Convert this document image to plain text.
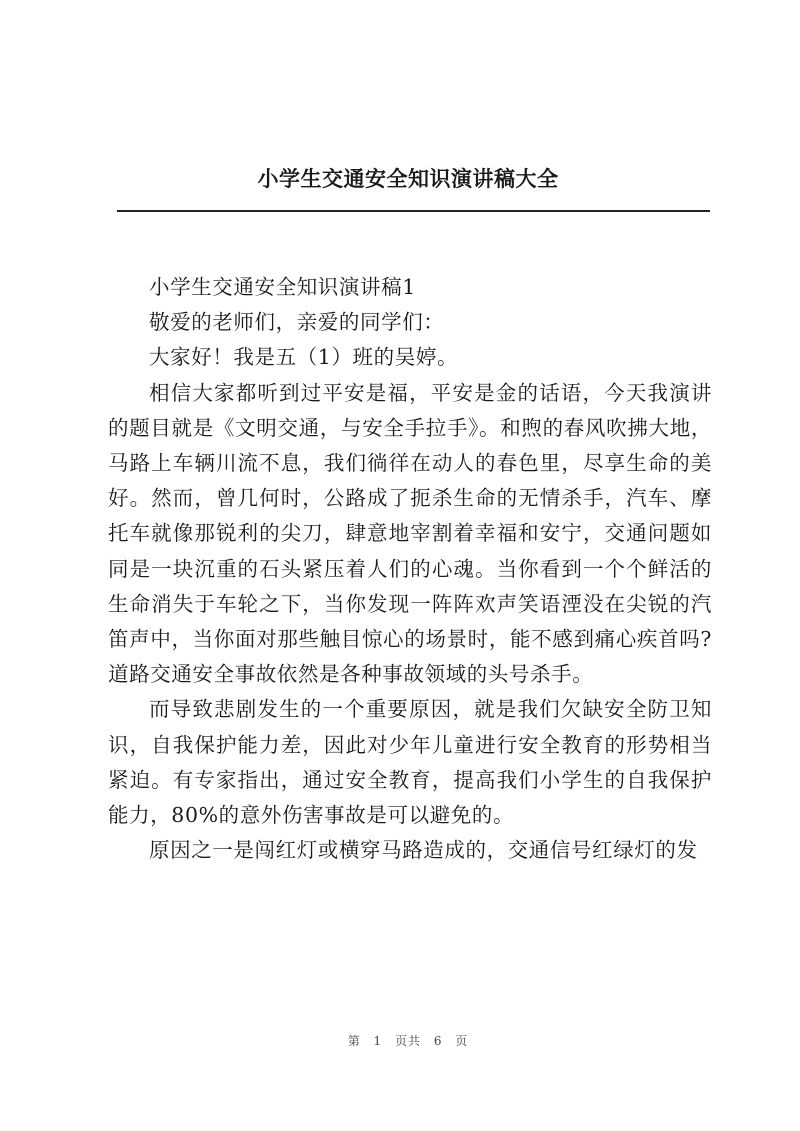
小学生交通安全知识演讲稿大全

小学生交通安全知识演讲稿1

敬爱的老师们，亲爱的同学们：

大家好！我是五（1）班的吴婷。

相信大家都听到过平安是福，平安是金的话语，今天我演讲的题目就是《文明交通，与安全手拉手》。和煦的春风吹拂大地，马路上车辆川流不息，我们徜徉在动人的春色里，尽享生命的美好。然而，曾几何时，公路成了扼杀生命的无情杀手，汽车、摩托车就像那锐利的尖刀，肆意地宰割着幸福和安宁，交通问题如同是一块沉重的石头紧压着人们的心魂。当你看到一个个鲜活的生命消失于车轮之下，当你发现一阵阵欢声笑语湮没在尖锐的汽笛声中，当你面对那些触目惊心的场景时，能不感到痛心疾首吗?道路交通安全事故依然是各种事故领域的头号杀手。

而导致悲剧发生的一个重要原因，就是我们欠缺安全防卫知识，自我保护能力差，因此对少年儿童进行安全教育的形势相当紧迫。有专家指出，通过安全教育，提高我们小学生的自我保护能力，80%的意外伤害事故是可以避免的。

原因之一是闯红灯或横穿马路造成的，交通信号红绿灯的发

第 1 页共 6 页
